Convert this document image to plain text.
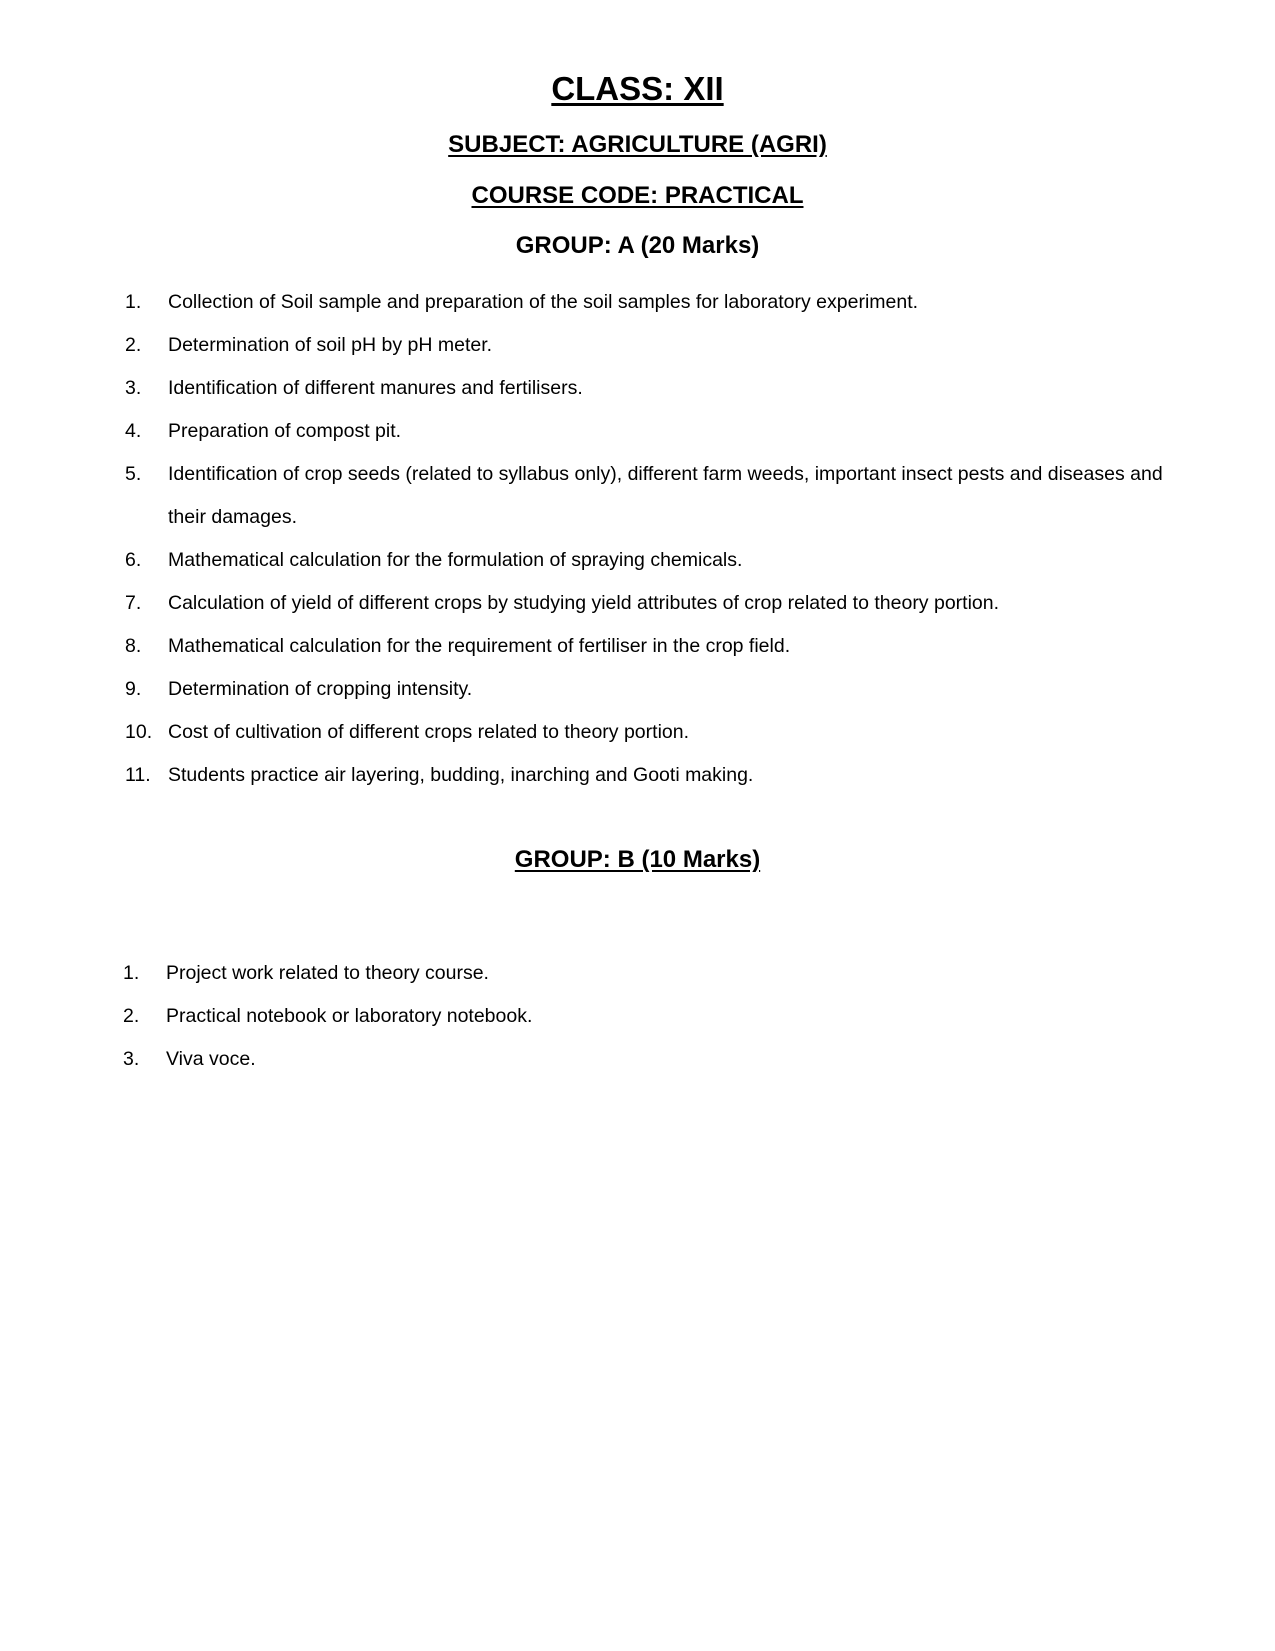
CLASS: XII
SUBJECT: AGRICULTURE (AGRI)
COURSE CODE: PRACTICAL
GROUP: A (20 Marks)
1. Collection of Soil sample and preparation of the soil samples for laboratory experiment.
2. Determination of soil pH by pH meter.
3. Identification of different manures and fertilisers.
4. Preparation of compost pit.
5. Identification of crop seeds (related to syllabus only), different farm weeds, important insect pests and diseases and their damages.
6. Mathematical calculation for the formulation of spraying chemicals.
7. Calculation of yield of different crops by studying yield attributes of crop related to theory portion.
8. Mathematical calculation for the requirement of fertiliser in the crop field.
9. Determination of cropping intensity.
10. Cost of cultivation of different crops related to theory portion.
11. Students practice air layering, budding, inarching and Gooti making.
GROUP: B (10 Marks)
1. Project work related to theory course.
2. Practical notebook or laboratory notebook.
3. Viva voce.
